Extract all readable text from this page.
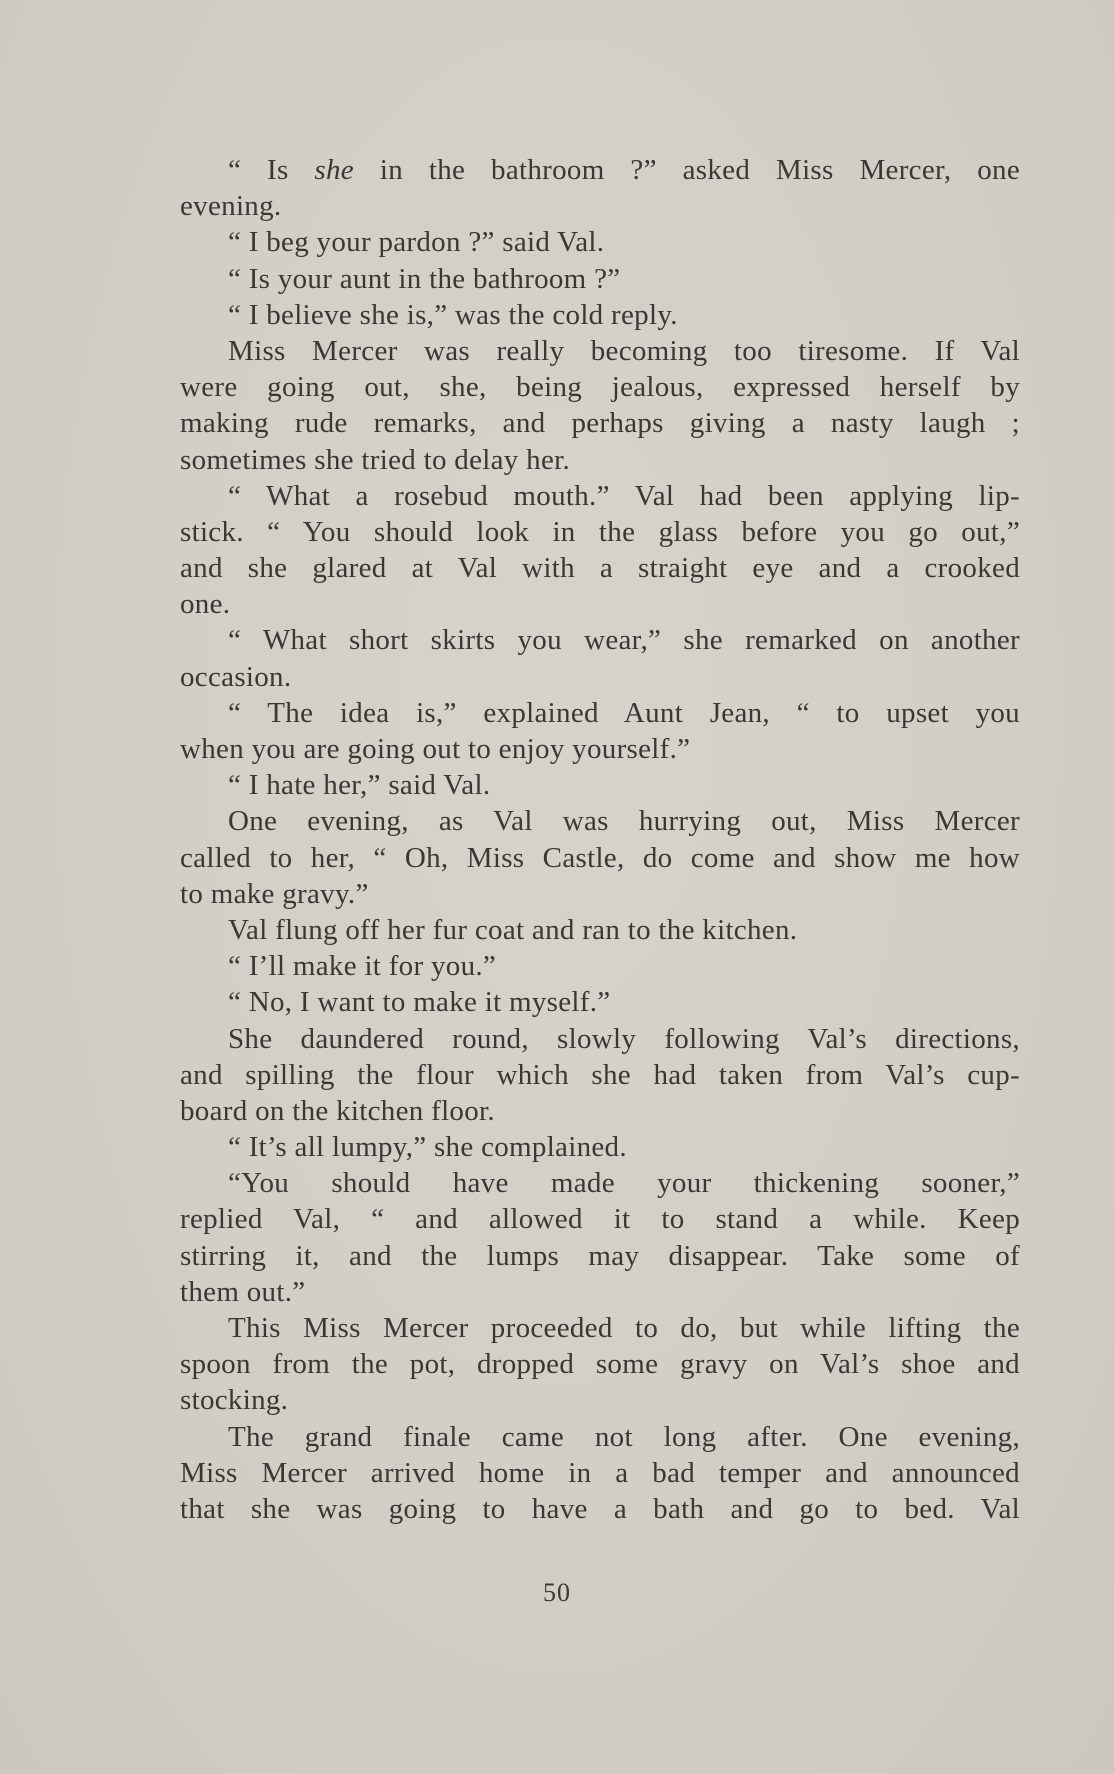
“ Is she in the bathroom ?” asked Miss Mercer, one
evening.
“ I beg your pardon ?” said Val.
“ Is your aunt in the bathroom ?”
“ I believe she is,” was the cold reply.
Miss Mercer was really becoming too tiresome. If Val
were going out, she, being jealous, expressed herself by
making rude remarks, and perhaps giving a nasty laugh ;
sometimes she tried to delay her.
“ What a rosebud mouth.” Val had been applying lip-
stick. “ You should look in the glass before you go out,”
and she glared at Val with a straight eye and a crooked
one.
“ What short skirts you wear,” she remarked on another
occasion.
“ The idea is,” explained Aunt Jean, “ to upset you
when you are going out to enjoy yourself.”
“ I hate her,” said Val.
One evening, as Val was hurrying out, Miss Mercer
called to her, “ Oh, Miss Castle, do come and show me how
to make gravy.”
Val flung off her fur coat and ran to the kitchen.
“ I’ll make it for you.”
“ No, I want to make it myself.”
She daundered round, slowly following Val’s directions,
and spilling the flour which she had taken from Val’s cup-
board on the kitchen floor.
“ It’s all lumpy,” she complained.
“You should have made your thickening sooner,”
replied Val, “ and allowed it to stand a while. Keep
stirring it, and the lumps may disappear. Take some of
them out.”
This Miss Mercer proceeded to do, but while lifting the
spoon from the pot, dropped some gravy on Val’s shoe and
stocking.
The grand finale came not long after. One evening,
Miss Mercer arrived home in a bad temper and announced
that she was going to have a bath and go to bed. Val
50
